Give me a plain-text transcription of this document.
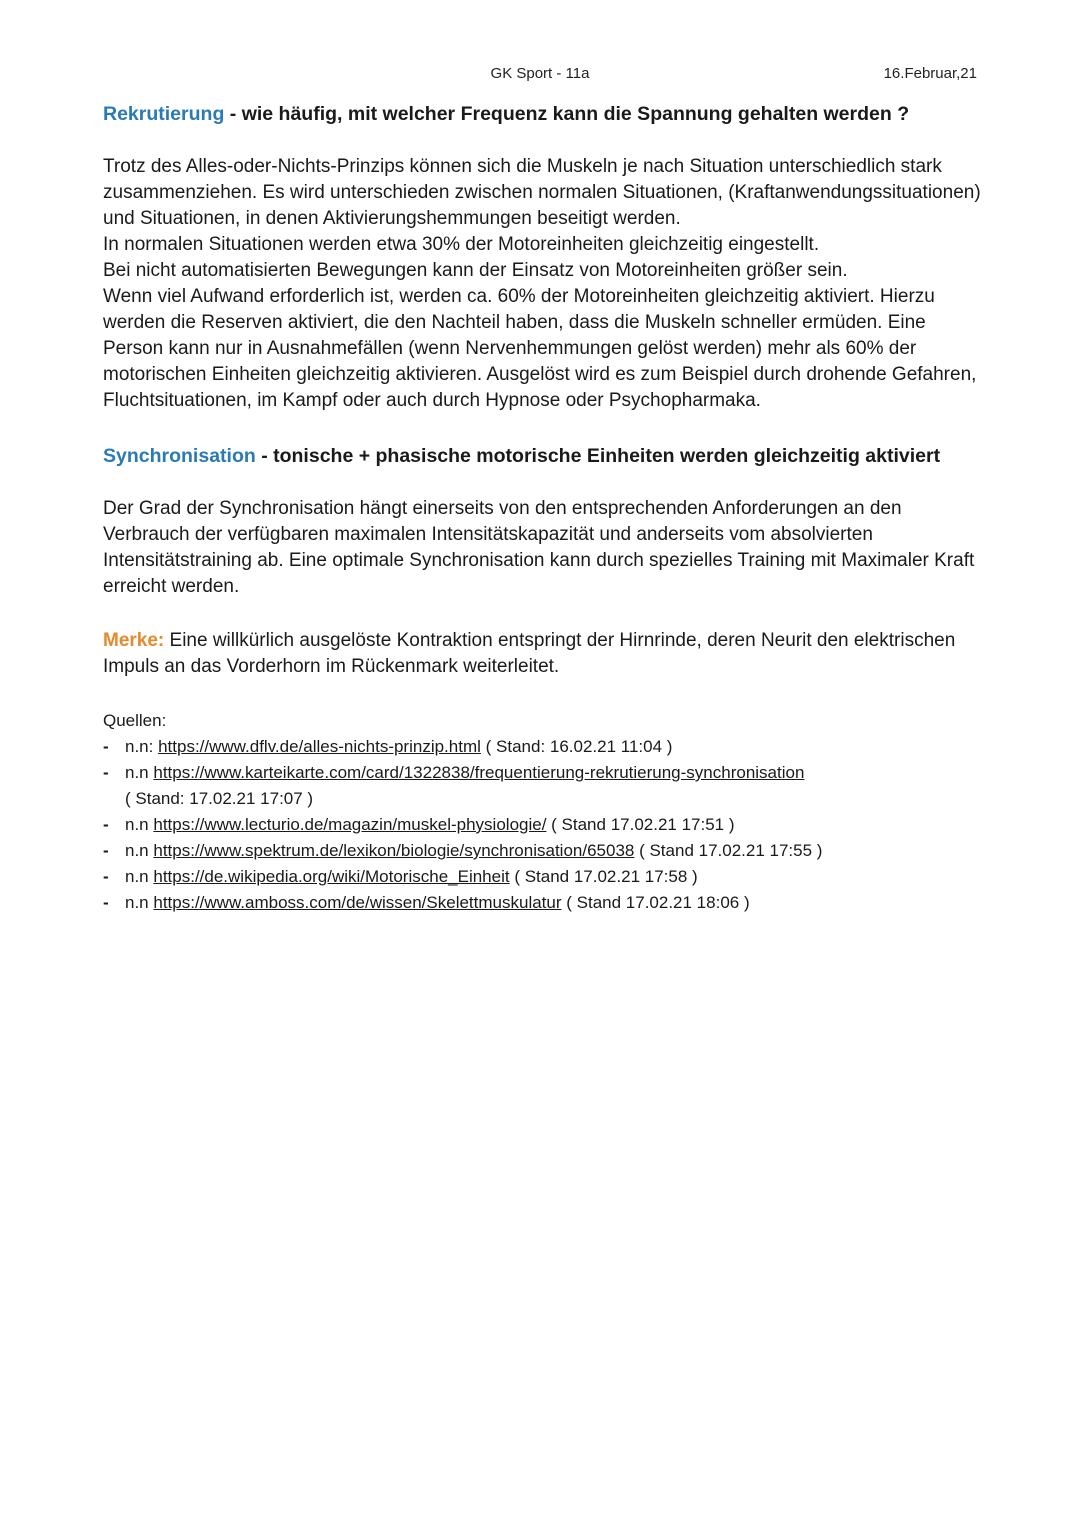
GK Sport - 11a	16.Februar,21

Rekrutierung - wie häufig, mit welcher Frequenz kann die Spannung gehalten werden ?

Trotz des Alles-oder-Nichts-Prinzips können sich die Muskeln je nach Situation unterschiedlich stark zusammenziehen. Es wird unterschieden zwischen normalen Situationen, (Kraftanwendungssituationen) und Situationen, in denen Aktivierungshemmungen beseitigt werden.

In normalen Situationen werden etwa 30% der Motoreinheiten gleichzeitig eingestellt.

Bei nicht automatisierten Bewegungen kann der Einsatz von Motoreinheiten größer sein.

Wenn viel Aufwand erforderlich ist, werden ca. 60% der Motoreinheiten gleichzeitig aktiviert. Hierzu werden die Reserven aktiviert, die den Nachteil haben, dass die Muskeln schneller ermüden. Eine Person kann nur in Ausnahmefällen (wenn Nervenhemmungen gelöst werden) mehr als 60% der motorischen Einheiten gleichzeitig aktivieren. Ausgelöst wird es zum Beispiel durch drohende Gefahren, Fluchtsituationen, im Kampf oder auch durch Hypnose oder Psychopharmaka.

Synchronisation - tonische + phasische motorische Einheiten werden gleichzeitig aktiviert

Der Grad der Synchronisation hängt einerseits von den entsprechenden Anforderungen an den Verbrauch der verfügbaren maximalen Intensitätskapazität und anderseits vom absolvierten Intensitätstraining ab. Eine optimale Synchronisation kann durch spezielles Training mit Maximaler Kraft erreicht werden.

Merke: Eine willkürlich ausgelöste Kontraktion entspringt der Hirnrinde, deren Neurit den elektrischen Impuls an das Vorderhorn im Rückenmark weiterleitet.

Quellen:

- n.n: https://www.dflv.de/alles-nichts-prinzip.html ( Stand: 16.02.21 11:04 )
- n.n https://www.karteikarte.com/card/1322838/frequentierung-rekrutierung-synchronisation
( Stand: 17.02.21 17:07 )
- n.n https://www.lecturio.de/magazin/muskel-physiologie/ ( Stand 17.02.21 17:51 )
- n.n https://www.spektrum.de/lexikon/biologie/synchronisation/65038 ( Stand 17.02.21 17:55 )
- n.n https://de.wikipedia.org/wiki/Motorische_Einheit ( Stand 17.02.21 17:58 )
- n.n https://www.amboss.com/de/wissen/Skelettmuskulatur ( Stand 17.02.21 18:06 )
